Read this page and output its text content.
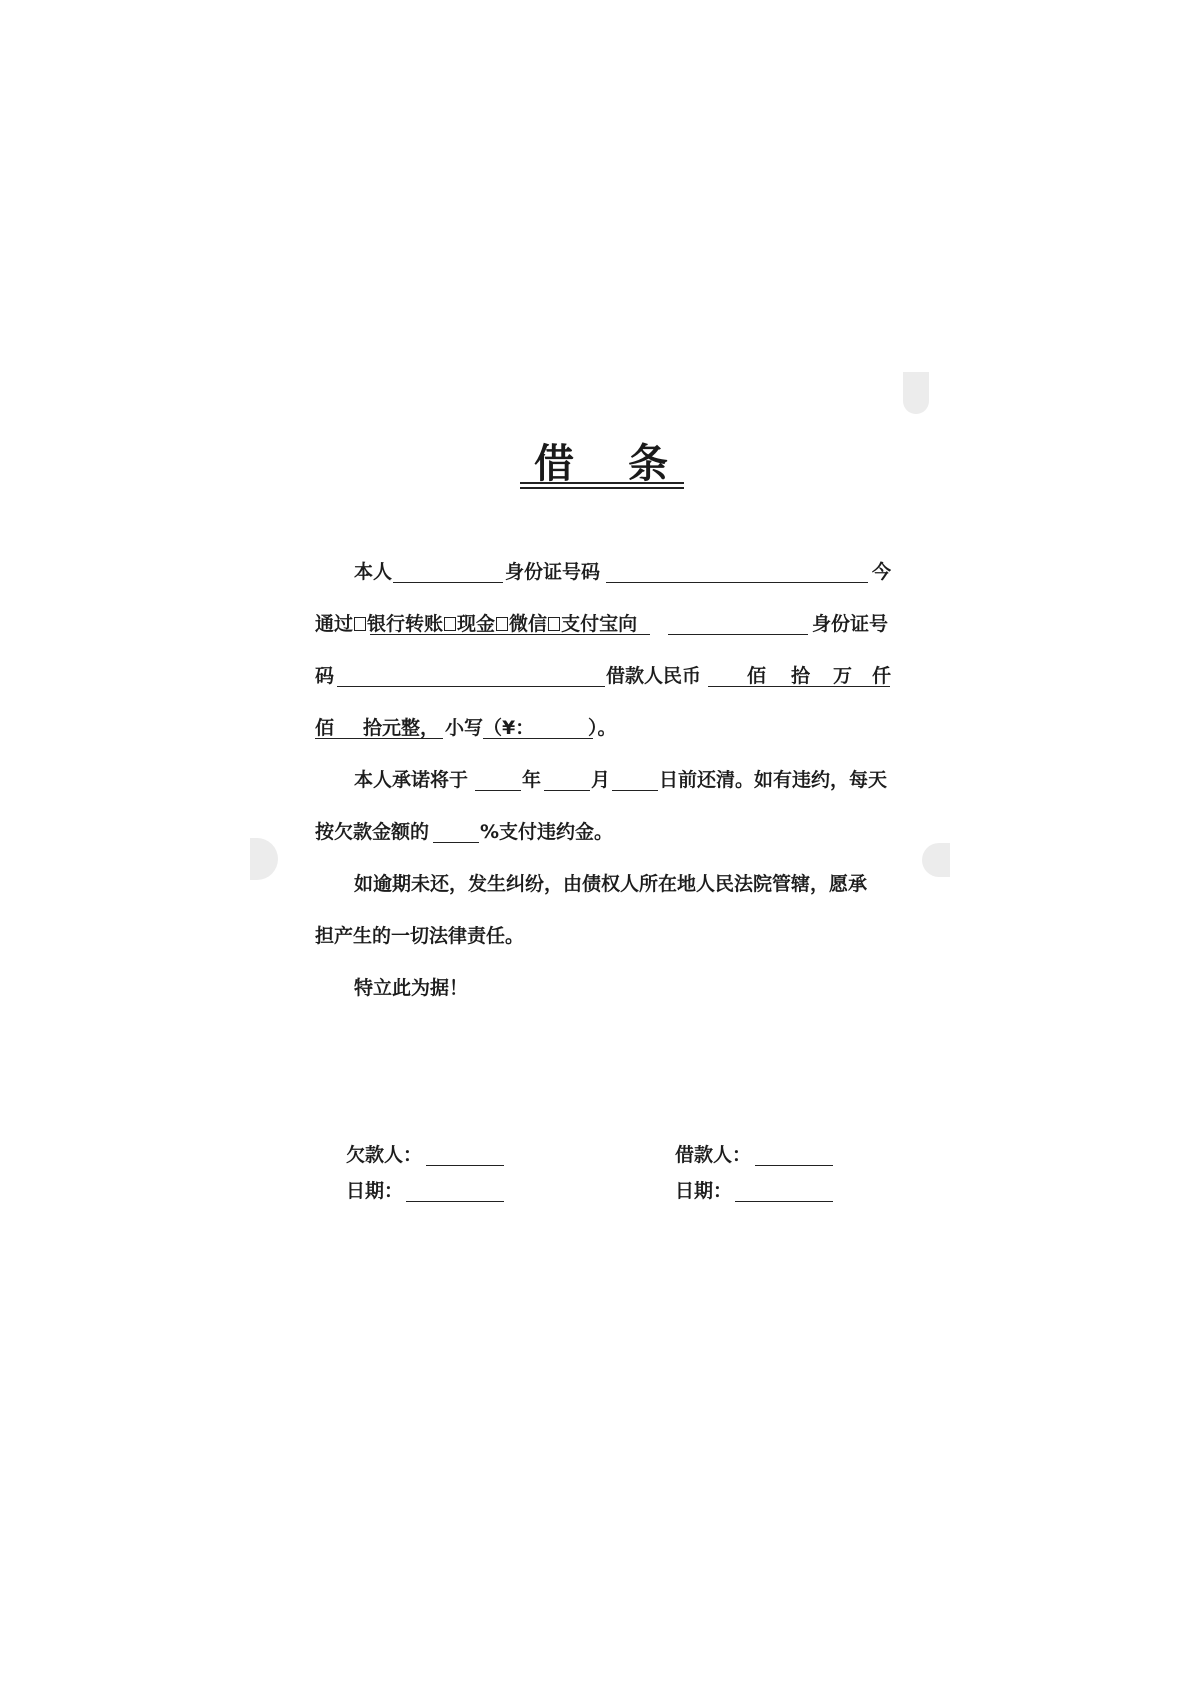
借 条
本人	身份证号码	今
通过 银行转账 现金 微信 支付宝向	身份证号
码	借款人民币 佰 拾 万 仟
佰 拾元整， 小写（¥：	）。
本人承诺将于	年	月	日前还清。如有违约，每天
按欠款金额的	%支付违约金。
如逾期未还，发生纠纷，由债权人所在地人民法院管辖，愿承
担产生的一切法律责任。
特立此为据！
欠款人：
日期：
借款人：
日期：
